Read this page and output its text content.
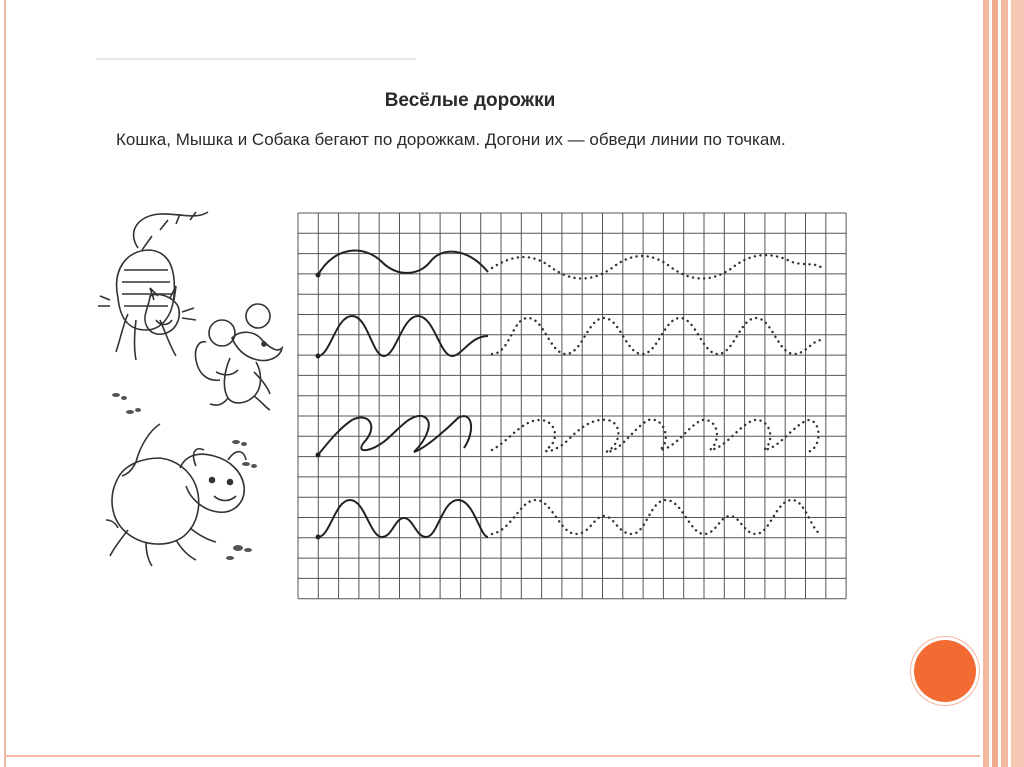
Весёлые дорожки
Кошка, Мышка и Собака бегают по дорожкам. Догони их — обведи линии по точкам.
